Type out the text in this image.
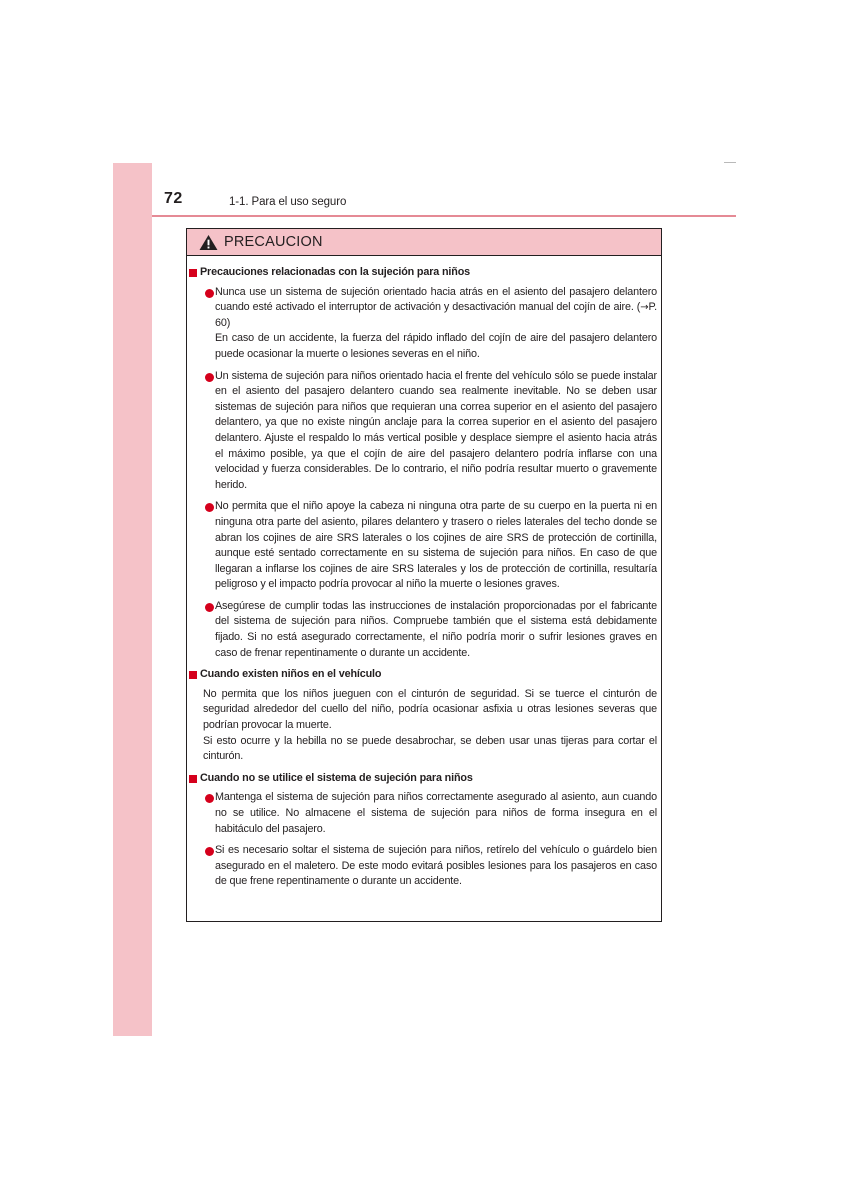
72	1-1. Para el uso seguro
PRECAUCION
Precauciones relacionadas con la sujeción para niños
Nunca use un sistema de sujeción orientado hacia atrás en el asiento del pasajero delantero cuando esté activado el interruptor de activación y desactivación manual del cojín de aire. (→P. 60)
En caso de un accidente, la fuerza del rápido inflado del cojín de aire del pasajero delantero puede ocasionar la muerte o lesiones severas en el niño.
Un sistema de sujeción para niños orientado hacia el frente del vehículo sólo se puede instalar en el asiento del pasajero delantero cuando sea realmente inevitable. No se deben usar sistemas de sujeción para niños que requieran una correa superior en el asiento del pasajero delantero, ya que no existe ningún anclaje para la correa superior en el asiento del pasajero delantero. Ajuste el respaldo lo más vertical posible y desplace siempre el asiento hacia atrás el máximo posible, ya que el cojín de aire del pasajero delantero podría inflarse con una velocidad y fuerza considerables. De lo contrario, el niño podría resultar muerto o gravemente herido.
No permita que el niño apoye la cabeza ni ninguna otra parte de su cuerpo en la puerta ni en ninguna otra parte del asiento, pilares delantero y trasero o rieles laterales del techo donde se abran los cojines de aire SRS laterales o los cojines de aire SRS de protección de cortinilla, aunque esté sentado correctamente en su sistema de sujeción para niños. En caso de que llegaran a inflarse los cojines de aire SRS laterales y los de protección de cortinilla, resultaría peligroso y el impacto podría provocar al niño la muerte o lesiones graves.
Asegúrese de cumplir todas las instrucciones de instalación proporcionadas por el fabricante del sistema de sujeción para niños. Compruebe también que el sistema está debidamente fijado. Si no está asegurado correctamente, el niño podría morir o sufrir lesiones graves en caso de frenar repentinamente o durante un accidente.
Cuando existen niños en el vehículo
No permita que los niños jueguen con el cinturón de seguridad. Si se tuerce el cinturón de seguridad alrededor del cuello del niño, podría ocasionar asfixia u otras lesiones severas que podrían provocar la muerte.
Si esto ocurre y la hebilla no se puede desabrochar, se deben usar unas tijeras para cortar el cinturón.
Cuando no se utilice el sistema de sujeción para niños
Mantenga el sistema de sujeción para niños correctamente asegurado al asiento, aun cuando no se utilice. No almacene el sistema de sujeción para niños de forma insegura en el habitáculo del pasajero.
Si es necesario soltar el sistema de sujeción para niños, retírelo del vehículo o guárdelo bien asegurado en el maletero. De este modo evitará posibles lesiones para los pasajeros en caso de que frene repentinamente o durante un accidente.
